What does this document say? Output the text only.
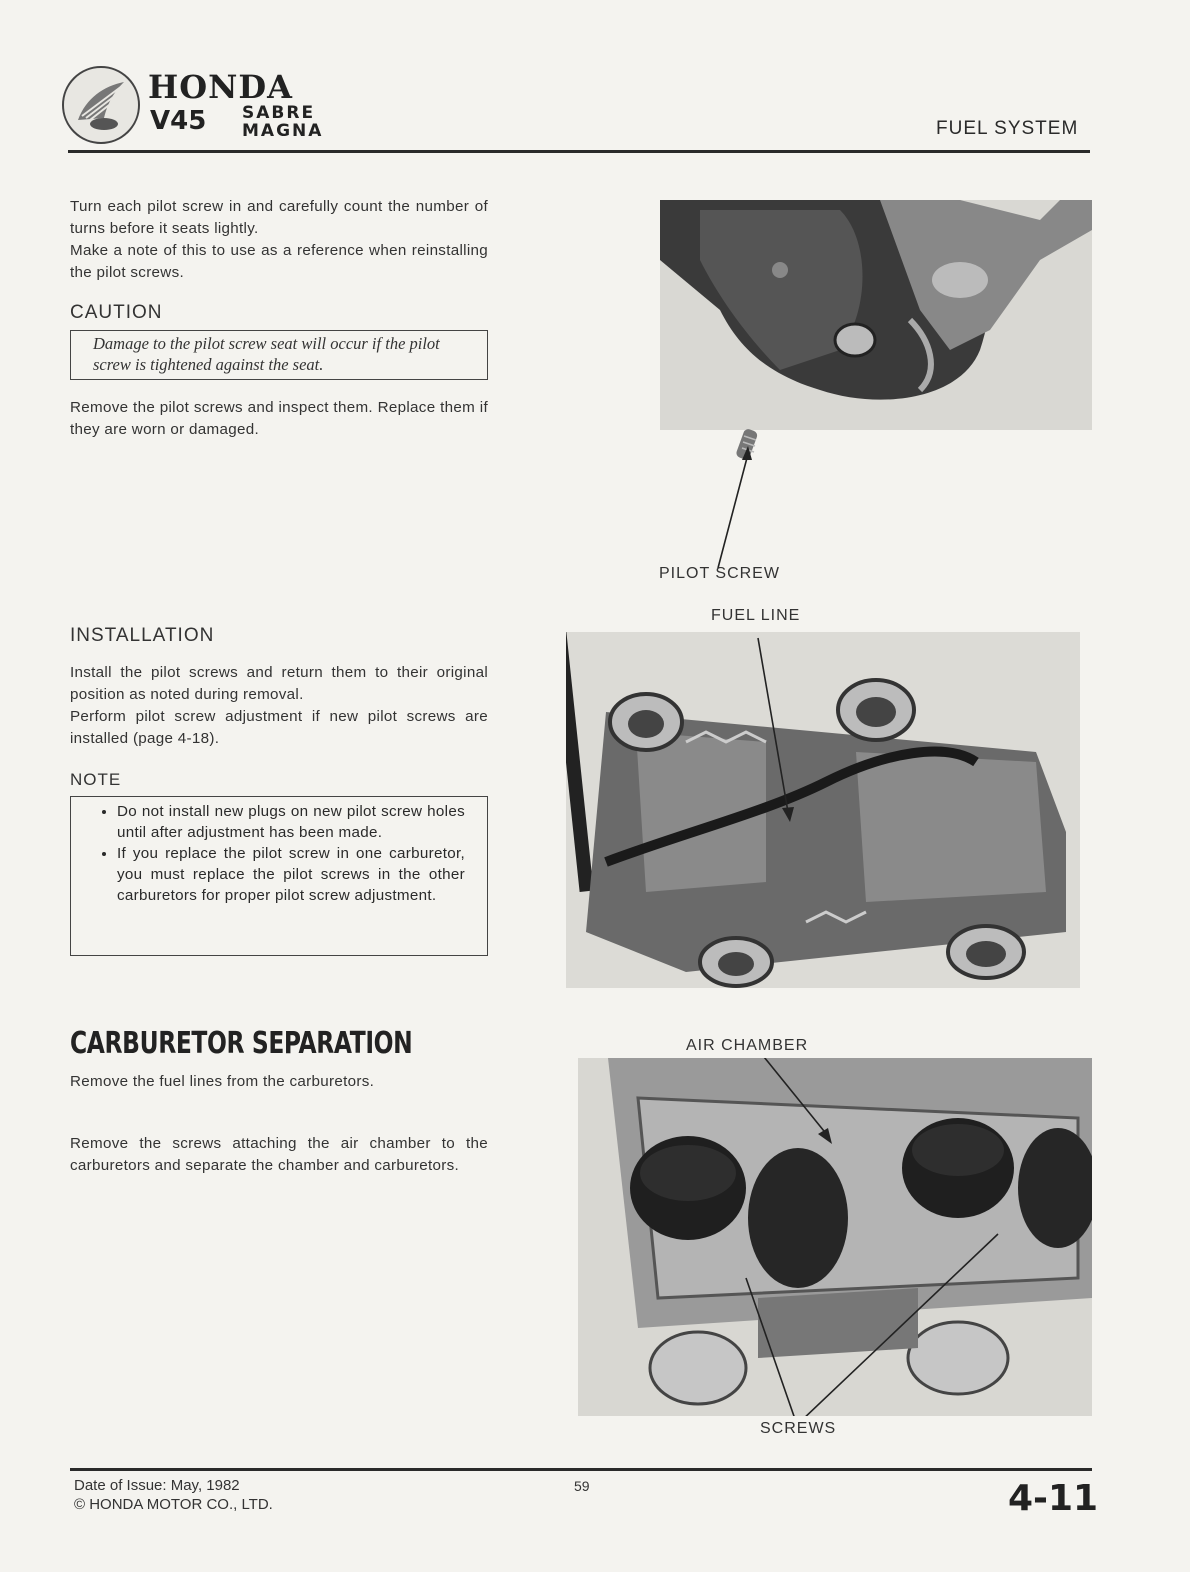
HONDA
V45 SABRE
MAGNA	FUEL SYSTEM
Turn each pilot screw in and carefully count the number of turns before it seats lightly.
Make a note of this to use as a reference when reinstalling the pilot screws.
CAUTION
Damage to the pilot screw seat will occur if the pilot screw is tightened against the seat.
Remove the pilot screws and inspect them. Replace them if they are worn or damaged.
INSTALLATION
Install the pilot screws and return them to their original position as noted during removal.
Perform pilot screw adjustment if new pilot screws are installed (page 4-18).
NOTE
• Do not install new plugs on new pilot screw holes until after adjustment has been made.
• If you replace the pilot screw in one carburetor, you must replace the pilot screws in the other carburetors for proper pilot screw adjustment.
CARBURETOR SEPARATION
Remove the fuel lines from the carburetors.
Remove the screws attaching the air chamber to the carburetors and separate the chamber and carburetors.
PILOT SCREW
FUEL LINE
AIR CHAMBER
SCREWS
Date of Issue: May, 1982
© HONDA MOTOR CO., LTD.
59	4-11
